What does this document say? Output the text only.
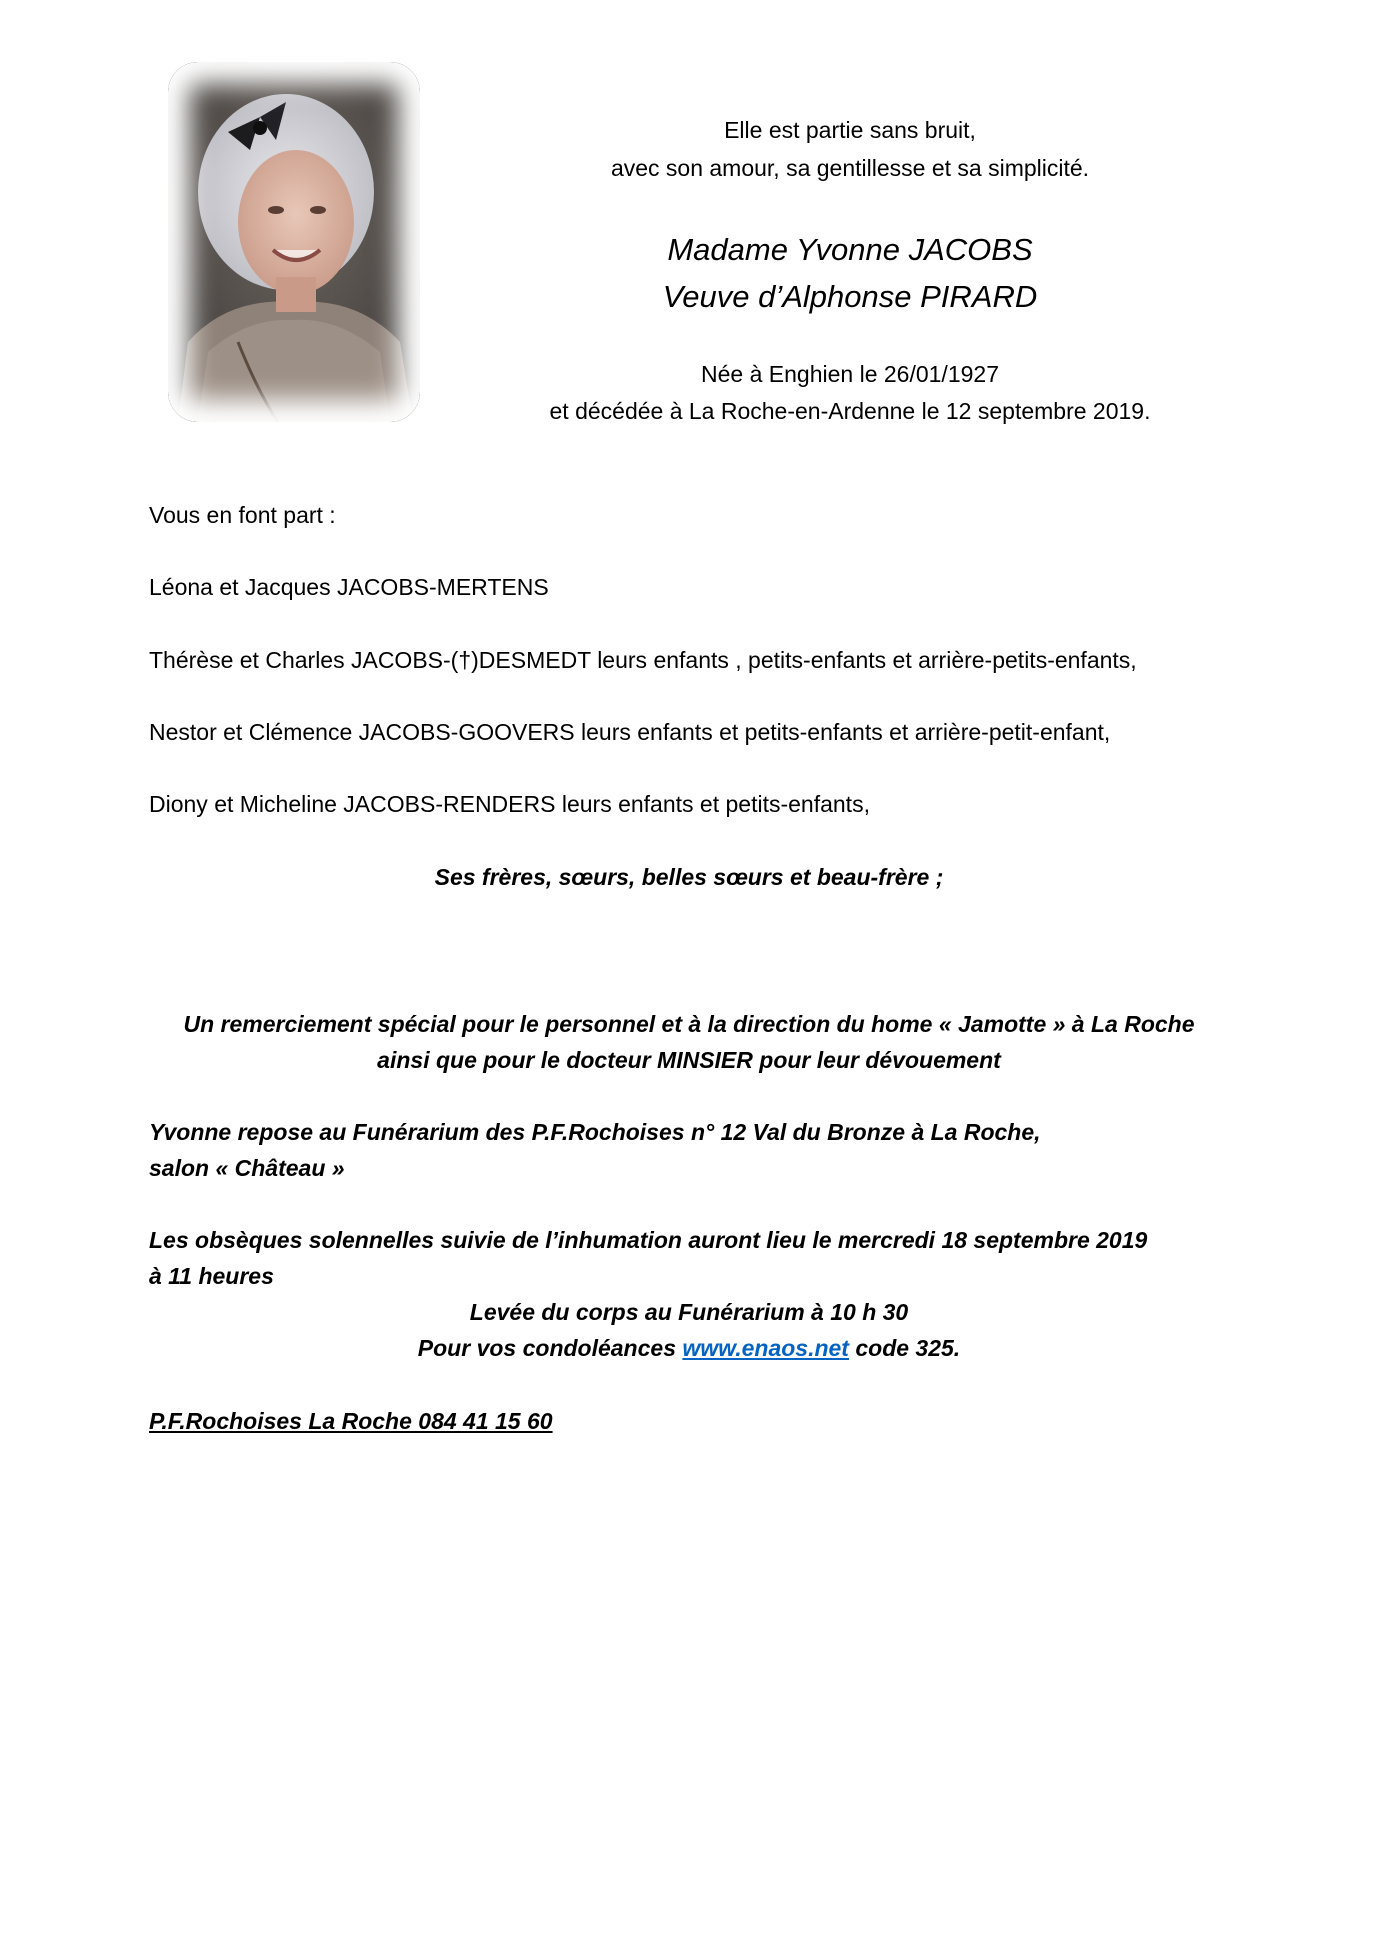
Elle est partie sans bruit,
avec son amour, sa gentillesse et sa simplicité.
Madame Yvonne JACOBS
Veuve d’Alphonse PIRARD
Née à Enghien le 26/01/1927
et décédée à La Roche-en-Ardenne le 12 septembre 2019.
Vous en font part :
Léona et Jacques JACOBS-MERTENS
Thérèse et Charles JACOBS-(†)DESMEDT leurs enfants , petits-enfants et arrière-petits-enfants,
Nestor et Clémence JACOBS-GOOVERS leurs enfants et petits-enfants et arrière-petit-enfant,
Diony et Micheline JACOBS-RENDERS leurs enfants et petits-enfants,
Ses frères, sœurs, belles sœurs et beau-frère ;
Un remerciement spécial pour le personnel et à la direction du home « Jamotte » à La Roche
ainsi que pour le docteur MINSIER pour leur dévouement
Yvonne repose au Funérarium des P.F.Rochoises n° 12 Val du Bronze à La Roche,
salon « Château »
Les obsèques solennelles suivie de l’inhumation auront lieu le mercredi 18 septembre 2019
à 11 heures
Levée du corps au Funérarium à 10 h 30
Pour vos condoléances www.enaos.net code 325.
P.F.Rochoises La Roche 084 41 15 60
